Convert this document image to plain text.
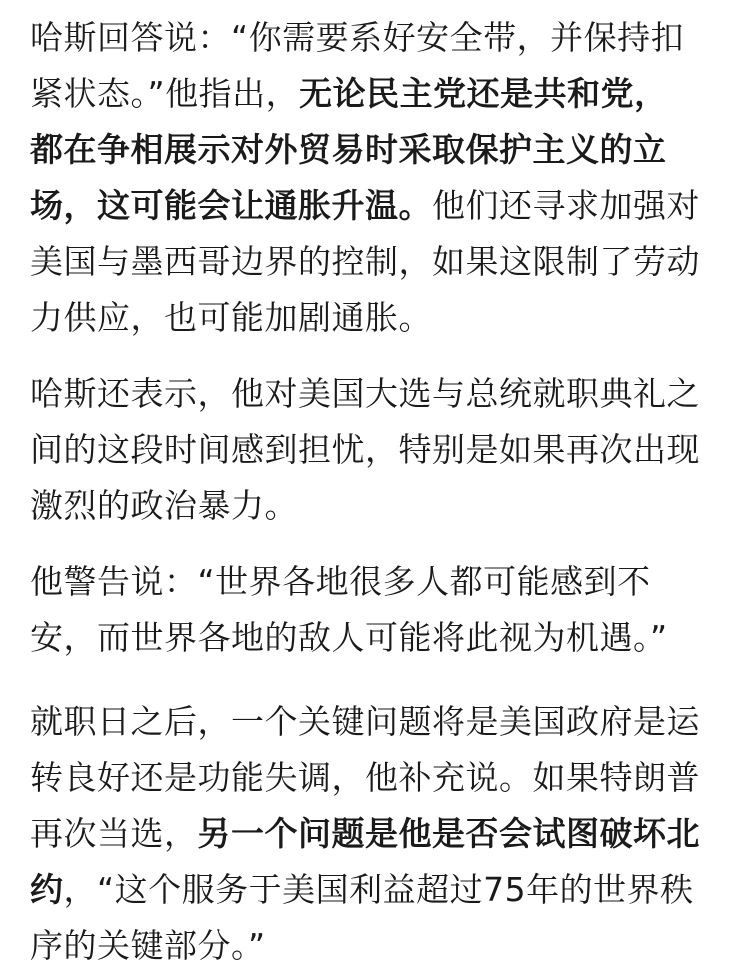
哈斯回答说：“你需要系好安全带，并保持扣
紧状态。”他指出，无论民主党还是共和党，
都在争相展示对外贸易时采取保护主义的立
场，这可能会让通胀升温。他们还寻求加强对
美国与墨西哥边界的控制，如果这限制了劳动
力供应，也可能加剧通胀。

哈斯还表示，他对美国大选与总统就职典礼之
间的这段时间感到担忧，特别是如果再次出现
激烈的政治暴力。

他警告说：“世界各地很多人都可能感到不
安，而世界各地的敌人可能将此视为机遇。”

就职日之后，一个关键问题将是美国政府是运
转良好还是功能失调，他补充说。如果特朗普
再次当选，另一个问题是他是否会试图破坏北
约，“这个服务于美国利益超过75年的世界秩
序的关键部分。”
